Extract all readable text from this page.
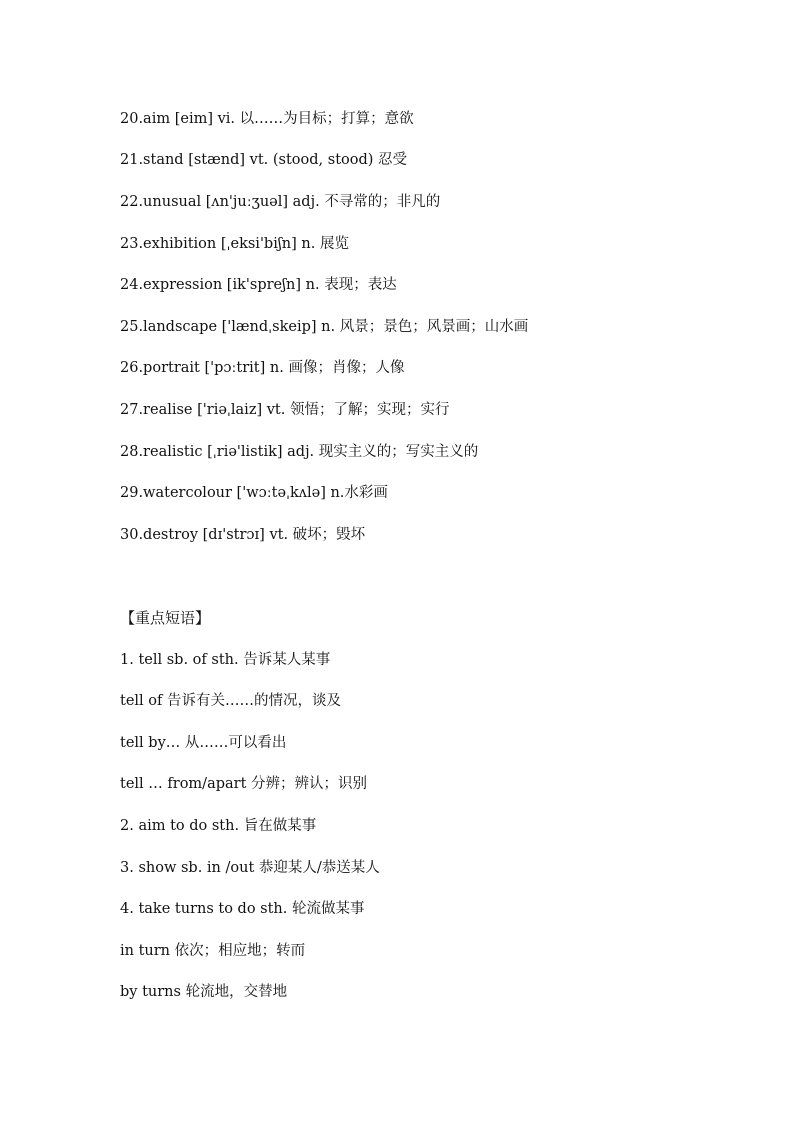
20.aim [eim] vi. 以……为目标；打算；意欲
21.stand [stænd] vt. (stood, stood) 忍受
22.unusual [ʌn'juːʒuəl] adj. 不寻常的；非凡的
23.exhibition [ˌeksi'biʃn] n. 展览
24.expression [ik'spreʃn] n. 表现；表达
25.landscape ['lændˌskeip] n. 风景；景色；风景画；山水画
26.portrait ['pɔːtrit] n. 画像；肖像；人像
27.realise ['riəˌlaiz] vt. 领悟；了解；实现；实行
28.realistic [ˌriə'listik] adj. 现实主义的；写实主义的
29.watercolour ['wɔːtəˌkʌlə] n.水彩画
30.destroy [dɪ'strɔɪ] vt. 破坏；毁坏
【重点短语】
1. tell sb. of sth. 告诉某人某事
tell of 告诉有关……的情况，谈及
tell by… 从……可以看出
tell … from/apart 分辨；辨认；识别
2. aim to do sth. 旨在做某事
3. show sb. in /out 恭迎某人/恭送某人
4. take turns to do sth. 轮流做某事
in turn 依次；相应地；转而
by turns 轮流地，交替地
